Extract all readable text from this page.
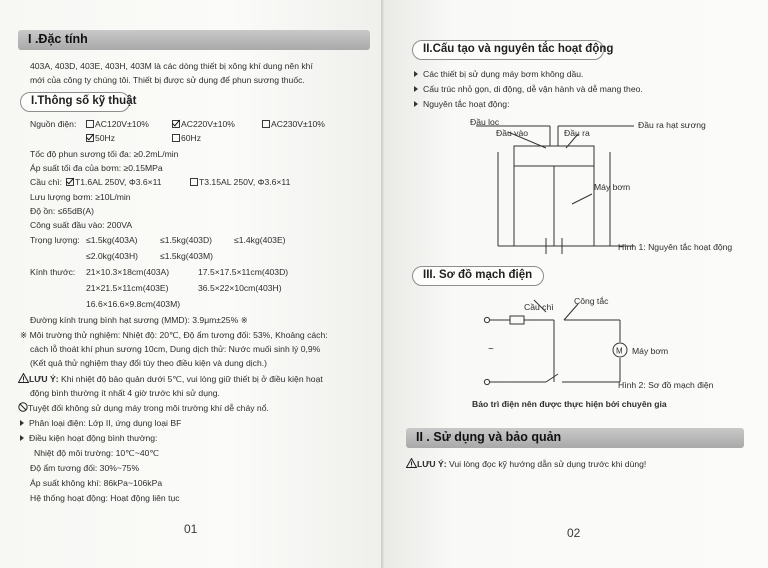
I .Đặc tính
403A, 403D, 403E, 403H, 403M là các dòng thiết bị xông khí dung nên khí
mới của công ty chúng tôi. Thiết bị được sử dụng để phun sương thuốc.
I.Thông số kỹ thuật
Nguồn điện:	AC120V±10%	AC220V±10%	AC230V±10%
50Hz	60Hz
Tốc độ phun sương tối đa: ≥0.2mL/min
Áp suất tối đa của bơm: ≥0.15MPa
Cầu chì:	T1.6AL 250V, Φ3.6×11	T3.15AL 250V, Φ3.6×11
Lưu lượng bơm: ≥10L/min
Độ ồn: ≤65dB(A)
Công suất đầu vào: 200VA
Trọng lượng: ≤1.5kg(403A)	≤1.5kg(403D)	≤1.4kg(403E)
≤2.0kg(403H)	≤1.5kg(403M)
Kính thước: 21×10.3×18cm(403A)	17.5×17.5×11cm(403D)
21×21.5×11cm(403E)	36.5×22×10cm(403H)
16.6×16.6×9.8cm(403M)
Đường kính trung bình hạt sương (MMD): 3.9μm±25% ※
※ Môi trường thử nghiệm: Nhiệt độ: 20℃, Độ ẩm tương đối: 53%, Khoảng cách:
cách lỗ thoát khí phun sương 10cm, Dung dịch thử: Nước muối sinh lý 0,9%
(Kết quả thử nghiệm thay đổi tùy theo điều kiện và dung dịch.)
LƯU Ý: Khi nhiệt độ bảo quản dưới 5℃, vui lòng giữ thiết bị ở điều kiện hoạt
động bình thường ít nhất 4 giờ trước khi sử dụng.
Tuyệt đối không sử dụng máy trong môi trường khí dễ cháy nổ.
Phân loại điện: Lớp II, ứng dụng loại BF
Điều kiện hoạt động bình thường:
Nhiệt độ môi trường: 10℃~40℃
Độ ẩm tương đối: 30%~75%
Áp suất không khí: 86kPa~106kPa
Hệ thống hoạt động: Hoạt động liên tục
01
II.Cấu tạo và nguyên tắc hoạt động
Các thiết bị sử dụng máy bơm không dầu.
Cấu trúc nhỏ gọn, di động, dễ vận hành và dễ mang theo.
Nguyên tắc hoạt động:
Đầu lọc
Đầu vào	Đầu ra
Đầu ra hạt sương
Máy bơm
Hình 1: Nguyên tắc hoạt động
III. Sơ đồ mạch điện
Cầu chì
Công tắc
~	M Máy bơm
Hình 2: Sơ đồ mạch điện
Bảo trì điện nên được thực hiện bởi chuyên gia
II . Sử dụng và bảo quản
LƯU Ý: Vui lòng đọc kỹ hướng dẫn sử dụng trước khi dùng!
02
